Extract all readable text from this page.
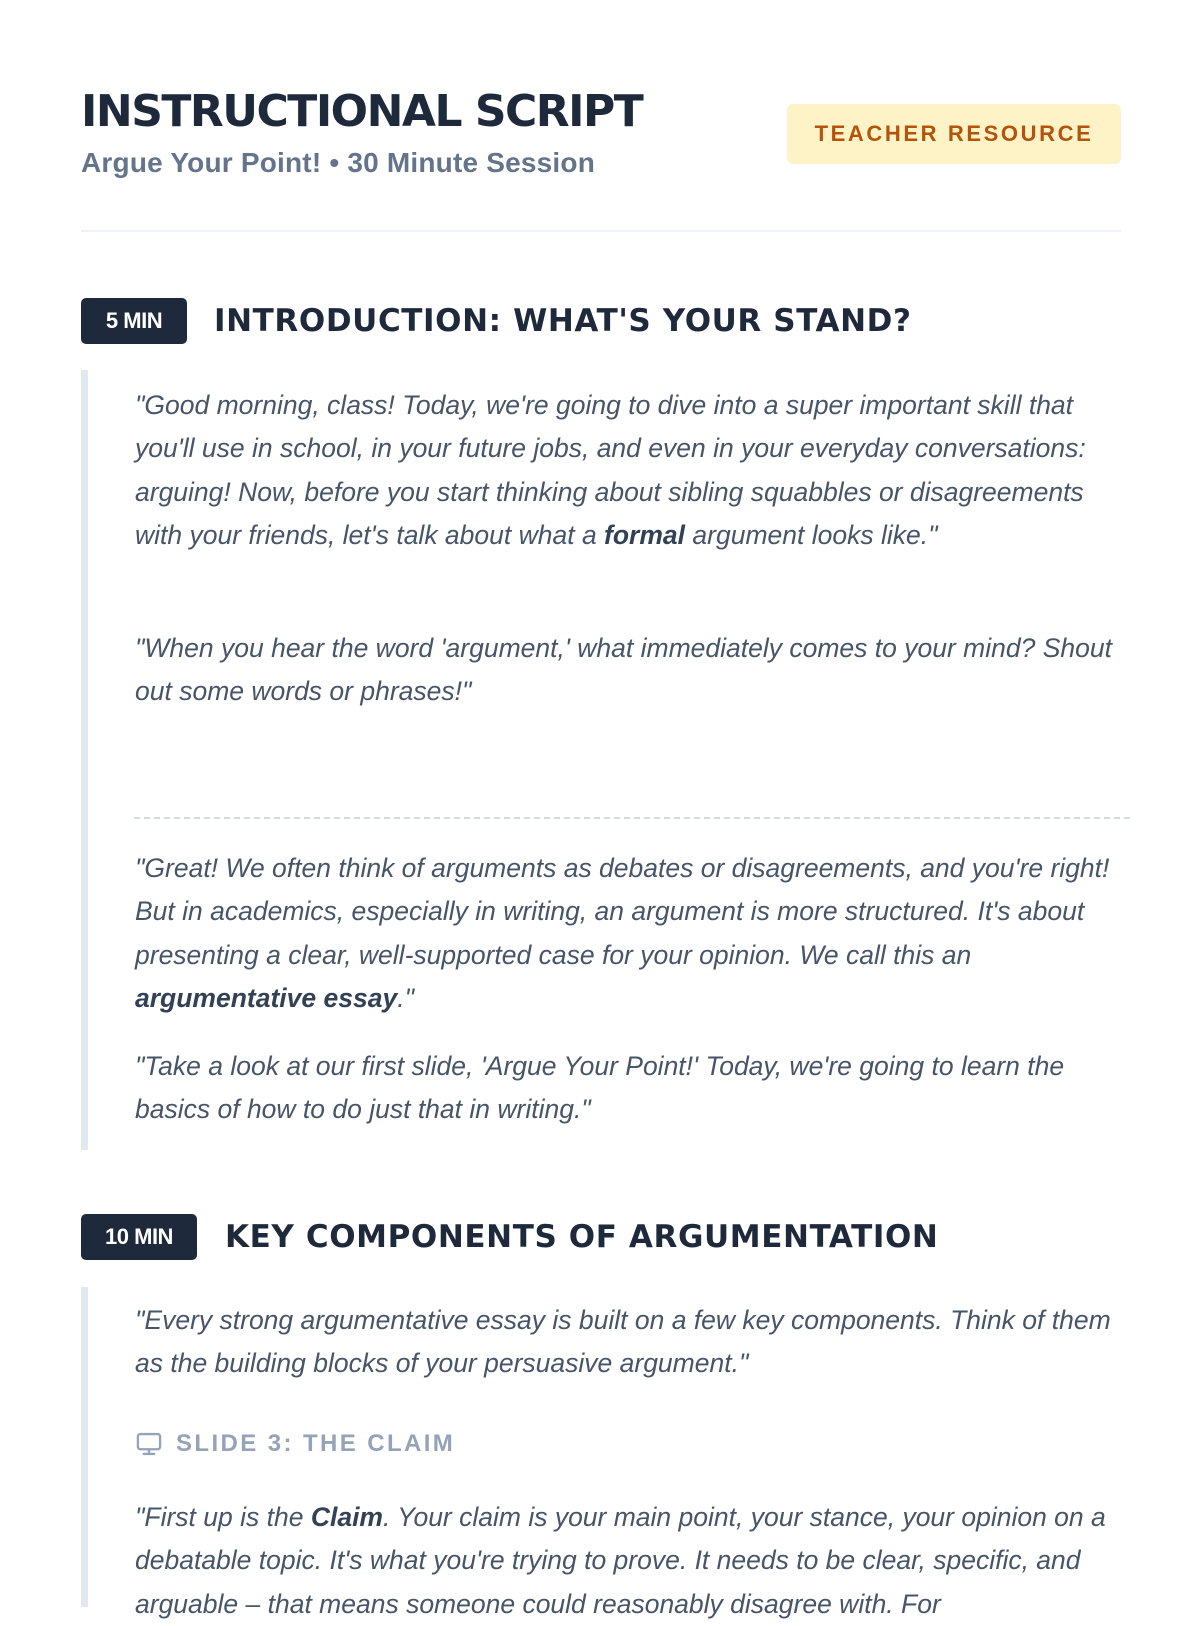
INSTRUCTIONAL SCRIPT
Argue Your Point! • 30 Minute Session
TEACHER RESOURCE
5 MIN	INTRODUCTION: WHAT'S YOUR STAND?

"Good morning, class! Today, we're going to dive into a super important skill that you'll use in school, in your future jobs, and even in your everyday conversations: arguing! Now, before you start thinking about sibling squabbles or disagreements with your friends, let's talk about what a formal argument looks like."

"When you hear the word 'argument,' what immediately comes to your mind? Shout out some words or phrases!"

"Great! We often think of arguments as debates or disagreements, and you're right! But in academics, especially in writing, an argument is more structured. It's about presenting a clear, well-supported case for your opinion. We call this an argumentative essay."

"Take a look at our first slide, 'Argue Your Point!' Today, we're going to learn the basics of how to do just that in writing."

10 MIN	KEY COMPONENTS OF ARGUMENTATION

"Every strong argumentative essay is built on a few key components. Think of them as the building blocks of your persuasive argument."

SLIDE 3: THE CLAIM

"First up is the Claim. Your claim is your main point, your stance, your opinion on a debatable topic. It's what you're trying to prove. It needs to be clear, specific, and arguable – that means someone could reasonably disagree with. For
